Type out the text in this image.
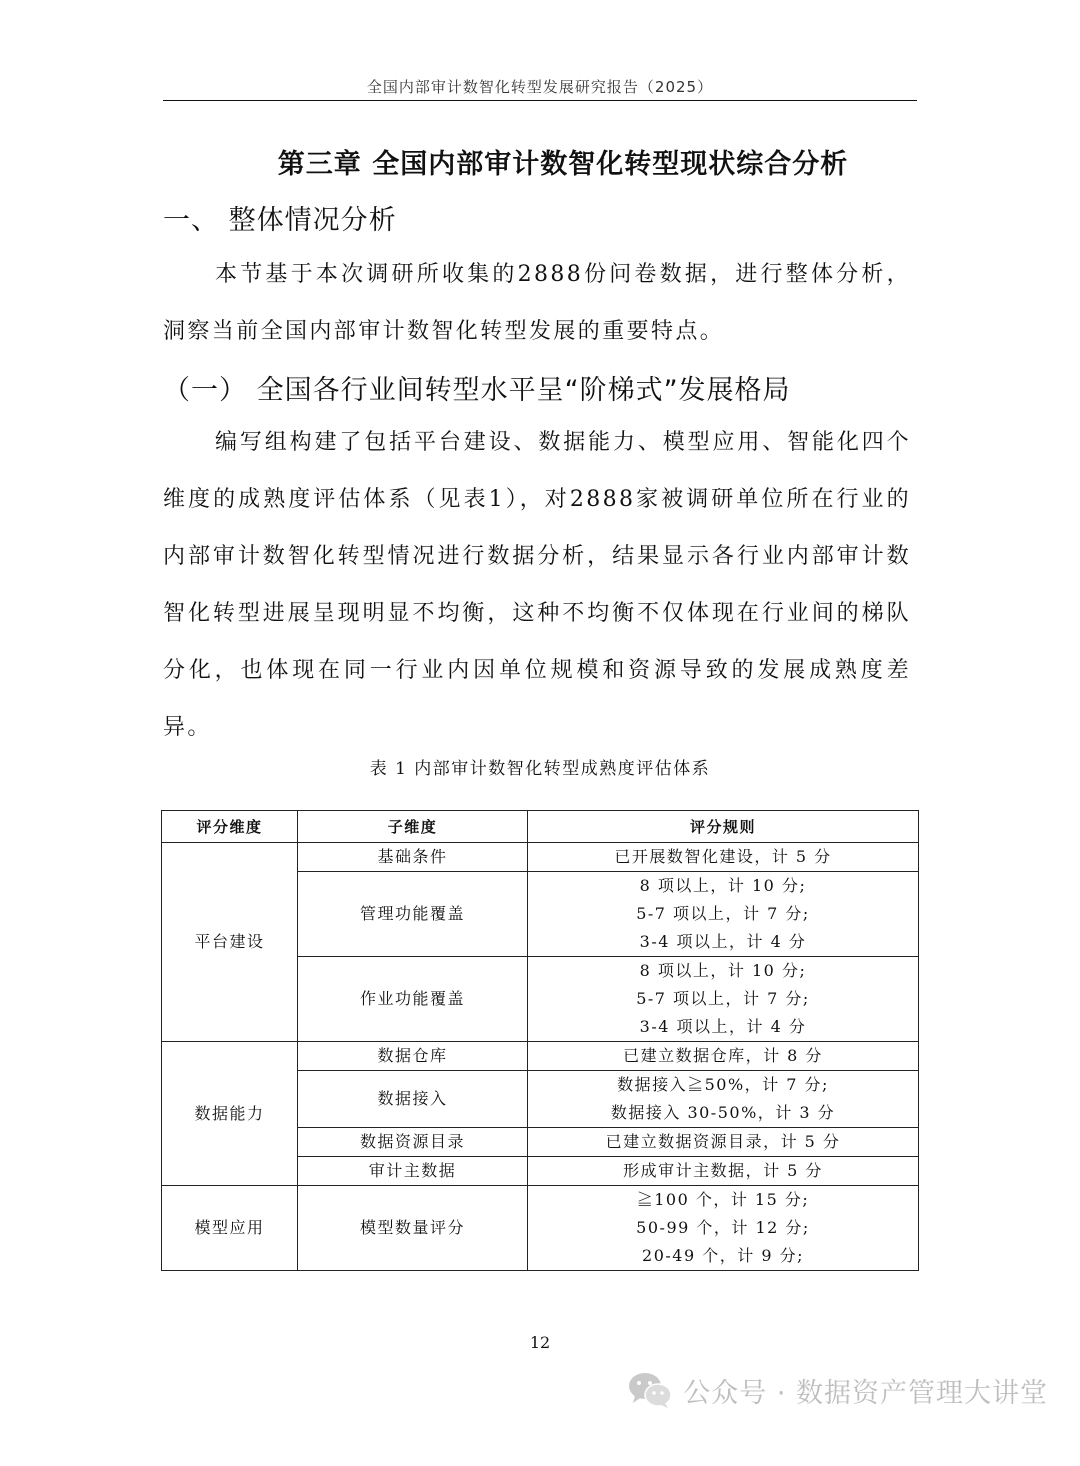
全国内部审计数智化转型发展研究报告（2025）
第三章 全国内部审计数智化转型现状综合分析
一、 整体情况分析
本节基于本次调研所收集的2888份问卷数据，进行整体分析，洞察当前全国内部审计数智化转型发展的重要特点。
（一） 全国各行业间转型水平呈“阶梯式”发展格局
编写组构建了包括平台建设、数据能力、模型应用、智能化四个维度的成熟度评估体系（见表1），对2888家被调研单位所在行业的内部审计数智化转型情况进行数据分析，结果显示各行业内部审计数智化转型进展呈现明显不均衡，这种不均衡不仅体现在行业间的梯队分化，也体现在同一行业内因单位规模和资源导致的发展成熟度差异。
表 1 内部审计数智化转型成熟度评估体系
评分维度	子维度	评分规则
平台建设	基础条件	已开展数智化建设，计 5 分

	管理功能覆盖	8 项以上，计 10 分;
5-7 项以上，计 7 分;
3-4 项以上，计 4 分

	作业功能覆盖	8 项以上，计 10 分;
5-7 项以上，计 7 分;
3-4 项以上，计 4 分

数据能力	数据仓库	已建立数据仓库，计 8 分

	数据接入	数据接入≧50%，计 7 分;
数据接入 30-50%，计 3 分

	数据资源目录	已建立数据资源目录，计 5 分

	审计主数据	形成审计主数据，计 5 分

模型应用	模型数量评分	≧100 个，计 15 分;
50-99 个，计 12 分;
20-49 个，计 9 分;
12
公众号 · 数据资产管理大讲堂
